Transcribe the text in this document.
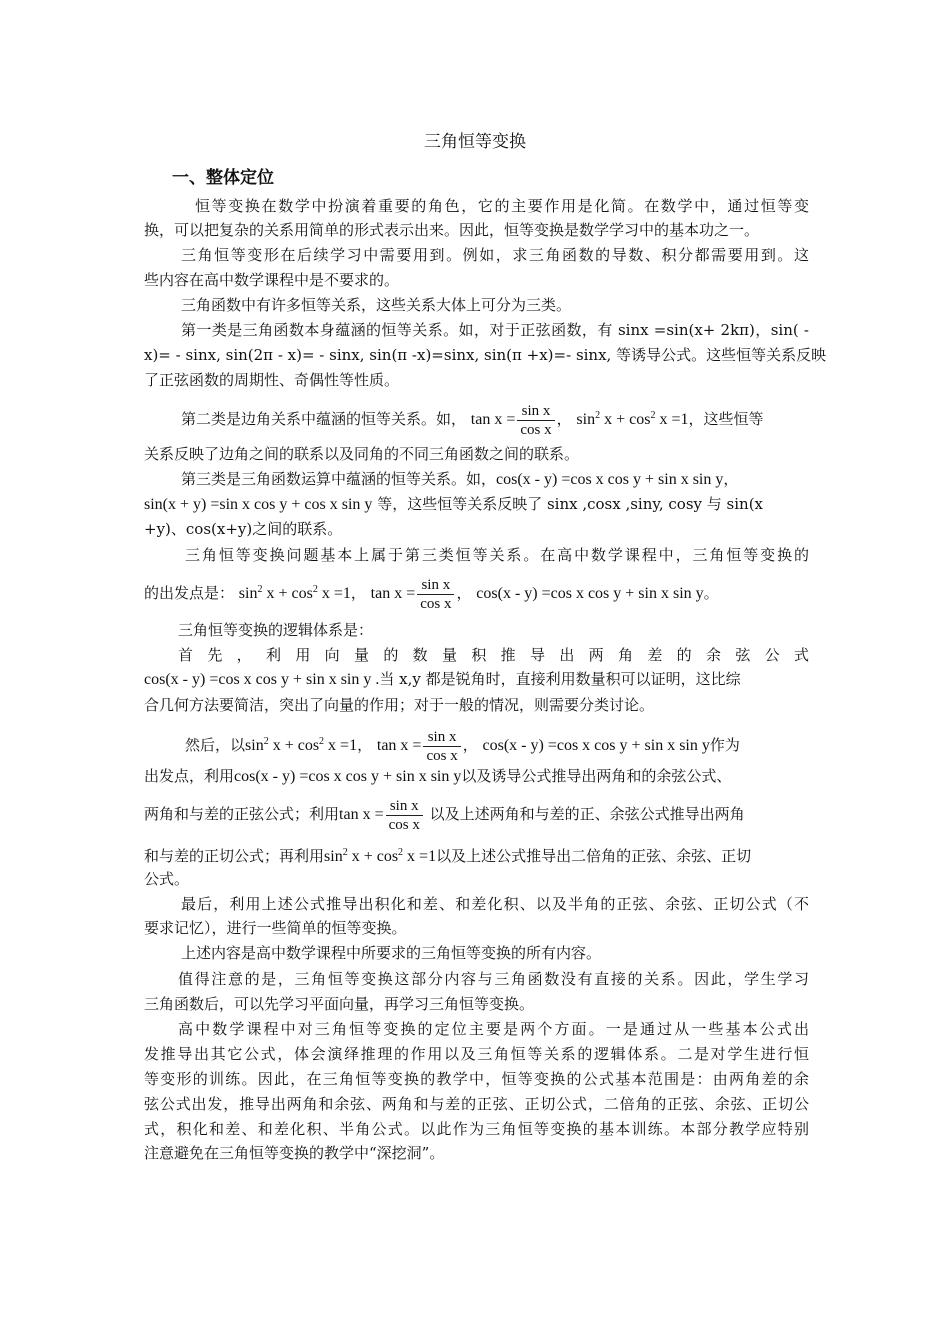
三角恒等变换
一、整体定位
恒等变换在数学中扮演着重要的角色，它的主要作用是化简。在数学中，通过恒等变
换，可以把复杂的关系用简单的形式表示出来。因此，恒等变换是数学学习中的基本功之一。
三角恒等变形在后续学习中需要用到。例如，求三角函数的导数、积分都需要用到。这
些内容在高中数学课程中是不要求的。
三角函数中有许多恒等关系，这些关系大体上可分为三类。
第一类是三角函数本身蕴涵的恒等关系。如，对于正弦函数，有 sinx =sin(x+ 2kπ)，sin( -
x)= - sinx, sin(2π - x)= - sinx, sin(π -x)=sinx, sin(π +x)=- sinx, 等诱导公式。这些恒等关系反映
了正弦函数的周期性、奇偶性等性质。
第二类是边角关系中蕴涵的恒等关系。如， $\tan x = \frac{\text{sin x}}{\text{cos x}}$ ， $\sin^2 x + \cos^2 x =1$，这些恒等
关系反映了边角之间的联系以及同角的不同三角函数之间的联系。
第三类是三角函数运算中蕴涵的恒等关系。如，cos(x - y) =cos x cos y + sin x sin y，
sin(x + y) =sin x cos y + cos x sin y 等，这些恒等关系反映了 sinx ,cosx ,siny, cosy 与 sin(x
+y)、cos(x+y)之间的联系。
三角恒等变换问题基本上属于第三类恒等关系。在高中数学课程中，三角恒等变换的
的出发点是： $\sin^2 x + \cos^2 x =1$， $\tan x = \frac{\text{sin x}}{\text{cos x}}$ ， cos(x - y) =cos x cos y + sin x sin y。
三角恒等变换的逻辑体系是：
首 先 ， 利 用 向 量 的 数 量 积 推 导 出 两 角 差 的 余 弦 公 式
cos(x - y) =cos x cos y + sin x sin y .当 x,y 都是锐角时，直接利用数量积可以证明，这比综
合几何方法要简洁，突出了向量的作用；对于一般的情况，则需要分类讨论。
然后，以$\sin^2 x + \cos^2 x =1$， $\tan x = \frac{\text{sin x}}{\text{cos x}}$ ， cos(x - y) =cos x cos y + sin x sin y作为
出发点，利用cos(x - y) =cos x cos y + sin x sin y以及诱导公式推导出两角和的余弦公式、
两角和与差的正弦公式；利用$\tan x = \frac{\text{sin x}}{\text{cos x}}$ 以及上述两角和与差的正、余弦公式推导出两角
和与差的正切公式；再利用$\sin^2 x + \cos^2 x =1$以及上述公式推导出二倍角的正弦、余弦、正切
公式。
最后，利用上述公式推导出积化和差、和差化积、以及半角的正弦、余弦、正切公式（不
要求记忆），进行一些简单的恒等变换。
上述内容是高中数学课程中所要求的三角恒等变换的所有内容。
值得注意的是，三角恒等变换这部分内容与三角函数没有直接的关系。因此，学生学习
三角函数后，可以先学习平面向量，再学习三角恒等变换。
高中数学课程中对三角恒等变换的定位主要是两个方面。一是通过从一些基本公式出
发推导出其它公式，体会演绎推理的作用以及三角恒等关系的逻辑体系。二是对学生进行恒
等变形的训练。因此，在三角恒等变换的教学中，恒等变换的公式基本范围是：由两角差的余
弦公式出发，推导出两角和余弦、两角和与差的正弦、正切公式，二倍角的正弦、余弦、正切公
式，积化和差、和差化积、半角公式。以此作为三角恒等变换的基本训练。本部分教学应特别
注意避免在三角恒等变换的教学中“深挖洞”。
